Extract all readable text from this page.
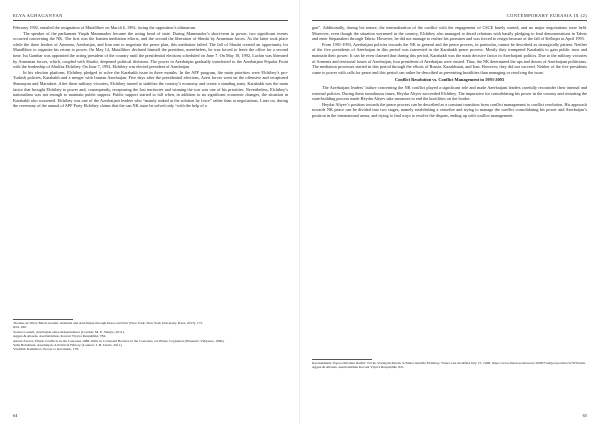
ELYA AGHAGANYAN

February 1992, entailed the resignation of Mutallibov on March 6, 1992, facing the opposition’s ultimatum.

The speaker of the parliament Yaqub Mammadov became the acting head of state. During Mammadov’s short-term in power, two significant events occurred concerning the NK. The first was the Iranian mediation efforts, and the second the liberation of Shushi by Armenian forces. As the latter took place while the three leaders of Armenia, Azerbaijan, and Iran met to negotiate the peace plan, this mediation failed. The fall of Shushi created an opportunity for Mutallibov to organize his return to power. On May 14, Mutallibov declared himself the president, nonetheless, he was forced to leave the office for a second time. Isa Gambar was appointed the acting president of the country until the presidential elections scheduled on June 7. On May 18, 1992, Lachin was liberated by Armenian forces, which, coupled with Shushi, deepened political divisions. The power in Azerbaijan gradually transferred to the Azerbaijani Popular Front with the leadership of Abulfaz Elchibey. On June 7, 1992, Elchibey was elected president of Azerbaijan.

In his election platform, Elchibey pledged to solve the Karabakh issue in three months. In the APF program, the main priorities were Elchibey’s pro-Turkish policies, Karabakh and a merger with Iranian Azerbaijan. Five days after the presidential elections, Azeri forces went on the offensive and recaptured Shaumyan and Martakert. After these military victories, Elchibey turned to stabilize the country’s economy and create a standing army. Karabakh was the main factor that brought Elchibey to power and, consequently, recapturing the lost territories and winning the war was one of his priorities. Nevertheless, Elchibey’s nationalism was not enough to maintain public support. Public support started to fall when, in addition to no significant economic changes, the situation in Karabakh also worsened. Elchibey was one of the Azerbaijani leaders who “mainly staked at the solution by force” rather than at negotiations. Later on, during the ceremony of the annual of APF Party Elchibey claims that the can NK issue be solved only “with the help of a

Thomas de Waal, Black Garden: Armenia and Azerbaijan through Peace and War (New York: New York University Press, 2013), 175.

Ibid, 180.

Svante Cornell, Azerbaijan since Independence (London: M. E. Sharpe, 2011).

Aggen & Abasde, Azerbaidzhan, Kavoni Viyeva Respubliki, 784.

Alexei Zverev, Ethnic Conflicts in the Caucasus 1988-1994, in Contested Borders in the Caucasus, ed. Bruno Coppieters (Brussels: Vubpress, 1996).

Suha Bolukbasi, Azerbaijan: A Political History (London: I. B. Tauris, 2011).

Vladimir Kazimirov, Power to Karabakh, 178.

64
CONTEMPORARY EURASIA IX (2)

gun”. Additionally, during his tenure, the internalization of the conflict with the engagement of CSCE barely started, and no major negotiations were held. Moreover, even though the situation worsened in the country, Elchibey also managed to derail relations with hastily pledging to lead demonstrations in Tabriz and enter Stepanakert through Tabriz. However, he did not manage to realize his promises and was forced to resign because of the fall of Kelbajar in April 1993.

From 1991-1993, Azerbaijani policies towards the NK in general and the peace process, in particular, cannot be described as strategically patient. Neither of the five presidents of Azerbaijan in this period was interested in the Karabakh peace process. Mostly they trumpeted Karabakh to gain public trust and maintain their power. It can be even claimed that during this period, Karabakh was the main decisive factor in Azerbaijani politics. Due to the military victories of Armenia and territorial losses of Azerbaijan, four presidents of Azerbaijan were ousted. Thus, the NK determined the ups and downs of Azerbaijani politicians. The mediation processes started in this period through the efforts of Russia, Kazakhstan, and Iran. However, they did not succeed. Neither of the five presidents came to power with calls for peace and this period can rather be described as preventing hostilities than managing or resolving the issue.

Conflict Resolution vs. Conflict Management in 1993-2003

The Azerbaijani leaders’ failure concerning the NK conflict played a significant role and made Azerbaijani leaders carefully reconsider their internal and external policies. During these tumultuous times, Heydar Aliyev succeeded Elchibey. The imperative for consolidating his power in the country and restarting the state-building process made Heydar Aliyev take measures to end the hostilities on the border.

Heydar Aliyev’s position towards the peace process can be described as a constant transition from conflict management to conflict resolution. His approach towards NK peace can be divided into two stages, namely establishing a ceasefire and trying to manage the conflict consolidating his power and Azerbaijan’s position in the international arena, and trying to find ways to resolve the dispute, ending up with conflict management.

Karabakhskiy Vopros Mozhno Reshit’ Tol’ko Voennym Putem, Schitaet Abulfaz Elchibey, Tureri, last modified July 15, 1998, https://www.mzan.az/en/news/1998/7/subject/politics/n/7035.htm.

Aggen & Alizade, Azerbaidzhan Kavoni Viyeva Respubliki, 821.

65
